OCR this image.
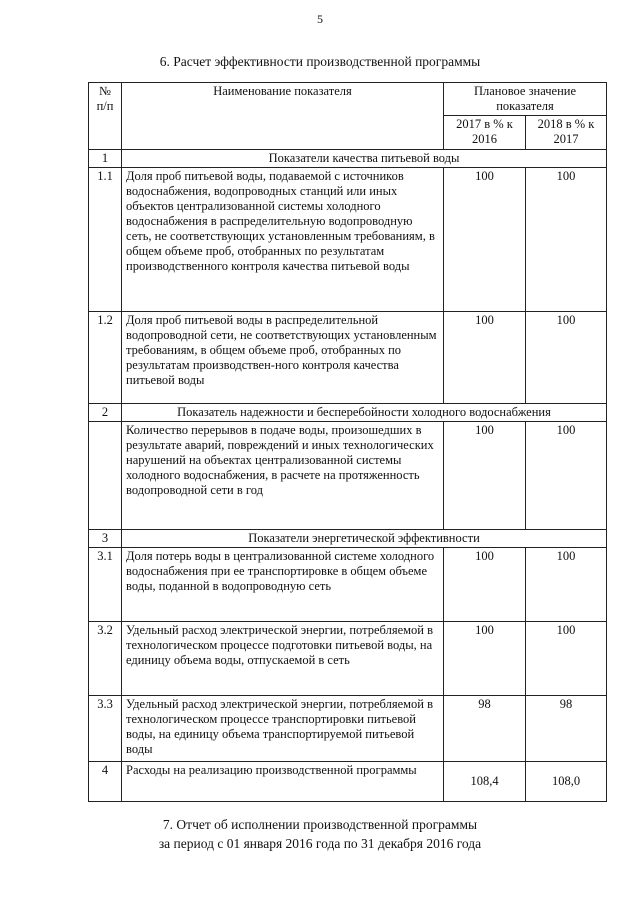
5
6. Расчет эффективности производственной программы
№ п/п	Наименование показателя	Плановое значение показателя	
		2017 в % к 2016	2018 в % к 2017
1	Показатели качества питьевой воды		
1.1	Доля проб питьевой воды, подаваемой с источников водоснабжения, водопроводных станций или иных объектов централизованной системы холодного водоснабжения в распределительную водопроводную сеть, не соответствующих установленным требованиям, в общем объеме проб, отобранных по результатам производственного контроля качества питьевой воды	100	100
1.2	Доля проб питьевой воды в распределительной водопроводной сети, не соответствующих установленным требованиям, в общем объеме проб, отобранных по результатам производствен-ного контроля качества питьевой воды	100	100
2	Показатель надежности и бесперебойности холодного водоснабжения		
	Количество перерывов в подаче воды, произошедших в результате аварий, повреждений и иных технологических нарушений на объектах централизованной системы холодного водоснабжения, в расчете на протяженность водопроводной сети в год	100	100
3	Показатели энергетической эффективности		
3.1	Доля потерь воды в централизованной системе холодного водоснабжения при ее транспортировке в общем объеме воды, поданной в водопроводную сеть	100	100
3.2	Удельный расход электрической энергии, потребляемой в технологическом процессе подготовки питьевой воды, на единицу объема воды, отпускаемой в сеть	100	100
3.3	Удельный расход электрической энергии, потребляемой в технологическом процессе транспортировки питьевой воды, на единицу объема транспортируемой питьевой воды	98	98
4	Расходы на реализацию производственной программы	108,4	108,0
7. Отчет об исполнении производственной программы
за период с 01 января 2016 года по 31 декабря 2016 года
